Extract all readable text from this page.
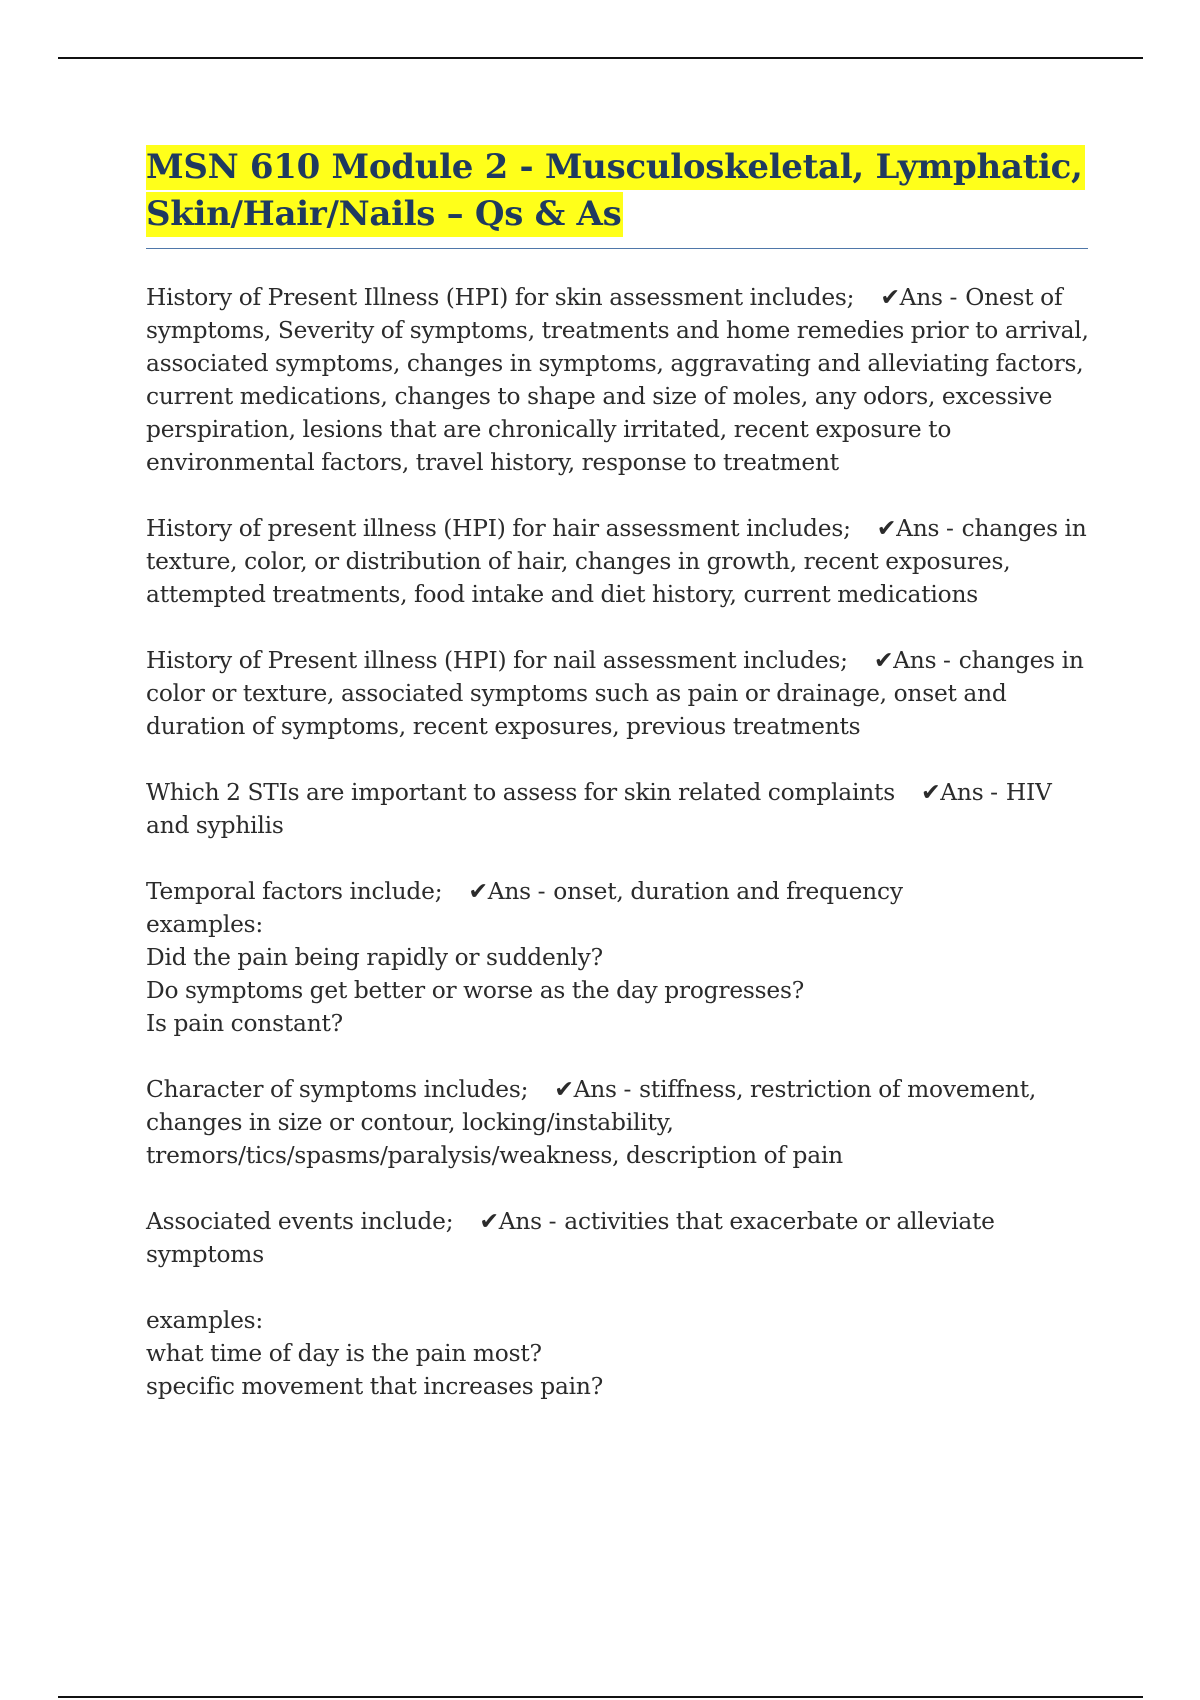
MSN 610 Module 2 - Musculoskeletal, Lymphatic,
Skin/Hair/Nails – Qs & As

History of Present Illness (HPI) for skin assessment includes; ✔Ans - Onest of symptoms, Severity of symptoms, treatments and home remedies prior to arrival, associated symptoms, changes in symptoms, aggravating and alleviating factors, current medications, changes to shape and size of moles, any odors, excessive perspiration, lesions that are chronically irritated, recent exposure to environmental factors, travel history, response to treatment

History of present illness (HPI) for hair assessment includes; ✔Ans - changes in texture, color, or distribution of hair, changes in growth, recent exposures, attempted treatments, food intake and diet history, current medications

History of Present illness (HPI) for nail assessment includes; ✔Ans - changes in color or texture, associated symptoms such as pain or drainage, onset and duration of symptoms, recent exposures, previous treatments

Which 2 STIs are important to assess for skin related complaints ✔Ans - HIV and syphilis

Temporal factors include; ✔Ans - onset, duration and frequency
examples:
Did the pain being rapidly or suddenly?
Do symptoms get better or worse as the day progresses?
Is pain constant?

Character of symptoms includes; ✔Ans - stiffness, restriction of movement, changes in size or contour, locking/instability, tremors/tics/spasms/paralysis/weakness, description of pain

Associated events include; ✔Ans - activities that exacerbate or alleviate symptoms
examples:
what time of day is the pain most?
specific movement that increases pain?
